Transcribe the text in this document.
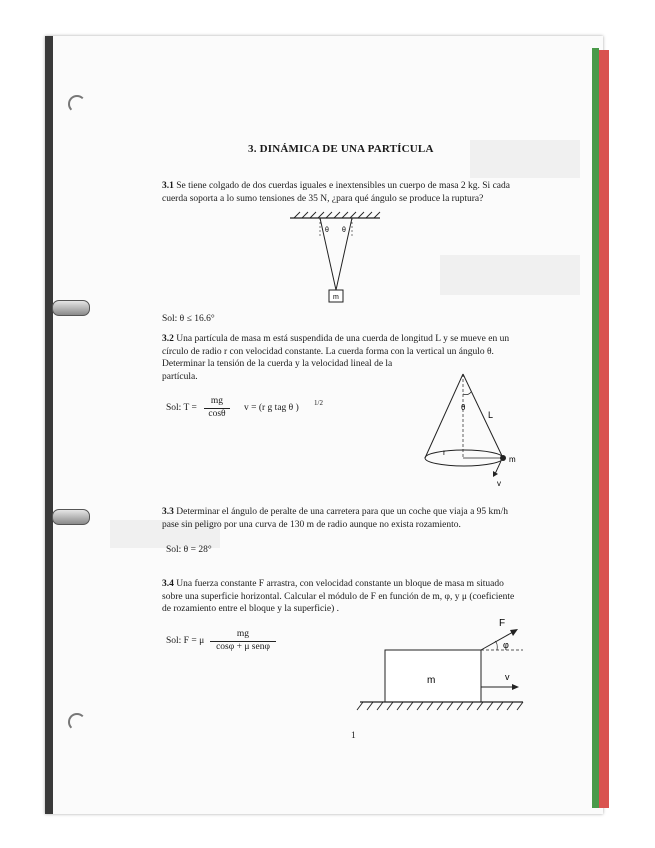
3. DINÁMICA DE UNA PARTÍCULA
3.1 Se tiene colgado de dos cuerdas iguales e inextensibles un cuerpo de masa 2 kg. Si cada
cuerda soporta a lo sumo tensiones de 35 N, ¿para qué ángulo se produce la ruptura?
θ θ
m
Sol: θ ≤ 16.6°
3.2 Una partícula de masa m está suspendida de una cuerda de longitud L y se mueve en un
círculo de radio r con velocidad constante. La cuerda forma con la vertical un ángulo θ.
Determinar la tensión de la cuerda y la velocidad lineal de la
partícula.
Sol: T =
mg
cosθ
v = (r g tag θ ) 1/2	θ
L
r
m
v
3.3 Determinar el ángulo de peralte de una carretera para que un coche que viaja a 95 km/h
pase sin peligro por una curva de 130 m de radio aunque no exista rozamiento.
Sol: θ = 28°
3.4 Una fuerza constante F arrastra, con velocidad constante un bloque de masa m situado
sobre una superficie horizontal. Calcular el módulo de F en función de m, φ, y μ (coeficiente
de rozamiento entre el bloque y la superficie) .
Sol: F = μ
mg
cosφ + μ senφ
F
φ
m	v
1
